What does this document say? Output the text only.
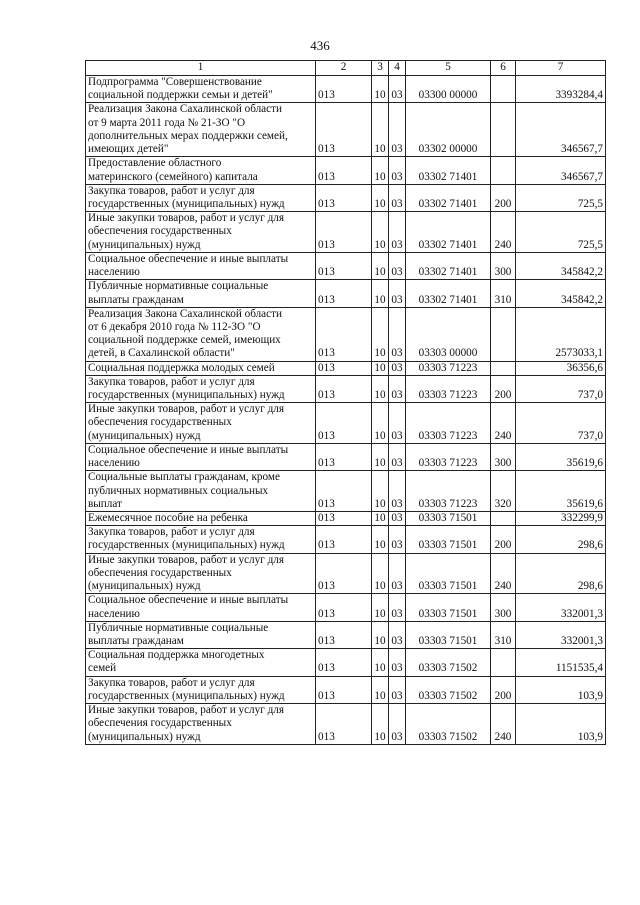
436
1	2	3	4	5	6	7
Подпрограмма "Совершенствование
социальной поддержки семьи и детей"	013	10	03	03300 00000		3393284,4
Реализация Закона Сахалинской области
от 9 марта 2011 года № 21-ЗО "О
дополнительных мерах поддержки семей,
имеющих детей"	013	10	03	03302 00000		346567,7
Предоставление областного
материнского (семейного) капитала	013	10	03	03302 71401		346567,7
Закупка товаров, работ и услуг для
государственных (муниципальных) нужд	013	10	03	03302 71401	200	725,5
Иные закупки товаров, работ и услуг для
обеспечения государственных
(муниципальных) нужд	013	10	03	03302 71401	240	725,5
Социальное обеспечение и иные выплаты
населению	013	10	03	03302 71401	300	345842,2
Публичные нормативные социальные
выплаты гражданам	013	10	03	03302 71401	310	345842,2
Реализация Закона Сахалинской области
от 6 декабря 2010 года № 112-ЗО "О
социальной поддержке семей, имеющих
детей, в Сахалинской области"	013	10	03	03303 00000		2573033,1
Социальная поддержка молодых семей	013	10	03	03303 71223		36356,6
Закупка товаров, работ и услуг для
государственных (муниципальных) нужд	013	10	03	03303 71223	200	737,0
Иные закупки товаров, работ и услуг для
обеспечения государственных
(муниципальных) нужд	013	10	03	03303 71223	240	737,0
Социальное обеспечение и иные выплаты
населению	013	10	03	03303 71223	300	35619,6
Социальные выплаты гражданам, кроме
публичных нормативных социальных
выплат	013	10	03	03303 71223	320	35619,6
Ежемесячное пособие на ребенка	013	10	03	03303 71501		332299,9
Закупка товаров, работ и услуг для
государственных (муниципальных) нужд	013	10	03	03303 71501	200	298,6
Иные закупки товаров, работ и услуг для
обеспечения государственных
(муниципальных) нужд	013	10	03	03303 71501	240	298,6
Социальное обеспечение и иные выплаты
населению	013	10	03	03303 71501	300	332001,3
Публичные нормативные социальные
выплаты гражданам	013	10	03	03303 71501	310	332001,3
Социальная поддержка многодетных
семей	013	10	03	03303 71502		1151535,4
Закупка товаров, работ и услуг для
государственных (муниципальных) нужд	013	10	03	03303 71502	200	103,9
Иные закупки товаров, работ и услуг для
обеспечения государственных
(муниципальных) нужд	013	10	03	03303 71502	240	103,9
